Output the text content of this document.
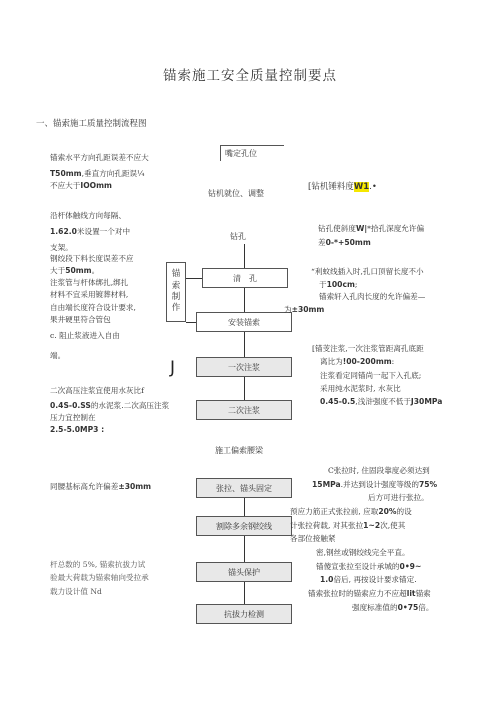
锚索施工安全质量控制要点
一、锚索施工质量控制流程图
嘴定孔位
钻机就位、调整
钻孔
清　孔
安装锚索
一次注浆
二次注浆
锚
索
制
作
施工偏索腰梁
张拉、锚头固定
割除多余钢绞线
锚头保护
抗拔力检测
锚索水平方向孔距误差不应大
T50mm,垂直方向孔距误¼
不应大于IOOmm
沿杆体触线方向每隔、
1.62.0米设置一个对中
支架。
钢绞段下料长度误差不应
大于50mm。
注浆管与杆体绑扎,绑扎
材料不宜采用镀葬材料,
自由端长度符合设计要求,
果井硬里符合管包
c. 阻止浆液进入自由
端。
J
二次高压注浆宜使用水灰比f
0.4S-0.SS的水泥浆.二次高压注浆
压力宜控制在
2.5-5.0MP3 :
同腰基标高允许偏差±30mm
杆总数的 5%, 锚索抗拔力试
验最大荷载为锚索轴向受拉承
载力设计值 Nd
[钻机锤料度W1.•
钻孔使斜度W|*拾孔深度允许偏
差0-*+50mm
“利蚊线插入时,孔口顶留长度不小
于100cm;
锚索轩入孔肉长度的允许偏差—
为±30mm
[锚芰注浆,一次注浆管距离孔底距
离比为!00-200mm:
注浆看定同锚尚一起下入孔底;
采用纯水泥浆时, 水灰比
0.45-0.5,浅浒强度不低于J30MPa
C张拉时, 住固段靠度必须达到
15MPa.并达到设计强度等级的75%
后方可进行张拉。
预应力筋正式张拉前, 应取20%的设
计张拉荷载, 对其张拉1~2次,使其
各部位接触紧
密,钢丝或钢绞线完全平直。
锚傻宣张拉至设计承城的0•9~
1.0倍后, 再按设计要求锚定.
锚索张拉时的锚索应力不应超lit锚索
强度标准值的0•75倍。
